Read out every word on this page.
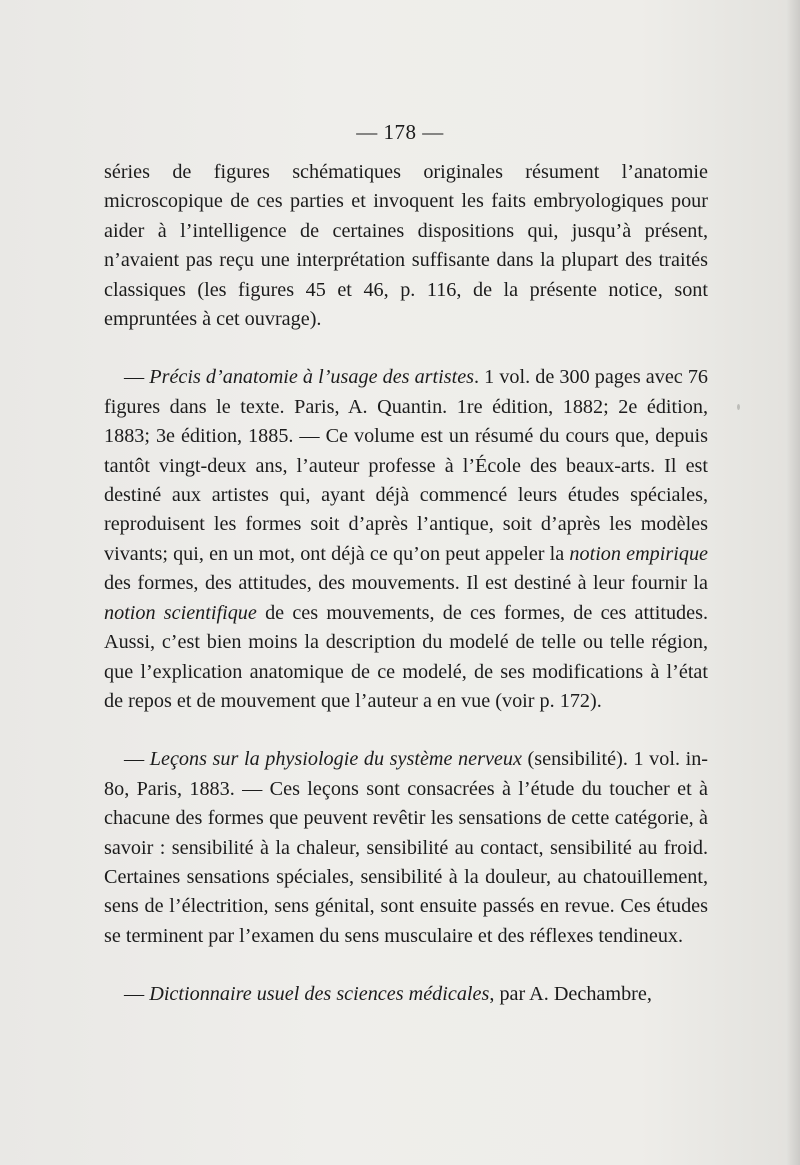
— 178 —

séries de figures schématiques originales résument l’anatomie microscopique de ces parties et invoquent les faits embryologiques pour aider à l’intelligence de certaines dispositions qui, jusqu’à présent, n’avaient pas reçu une interprétation suffisante dans la plupart des traités classiques (les figures 45 et 46, p. 116, de la présente notice, sont empruntées à cet ouvrage).

— Précis d’anatomie à l’usage des artistes. 1 vol. de 300 pages avec 76 figures dans le texte. Paris, A. Quantin. 1re édition, 1882; 2e édition, 1883; 3e édition, 1885. — Ce volume est un résumé du cours que, depuis tantôt vingt-deux ans, l’auteur professe à l’École des beaux-arts. Il est destiné aux artistes qui, ayant déjà commencé leurs études spéciales, reproduisent les formes soit d’après l’antique, soit d’après les modèles vivants; qui, en un mot, ont déjà ce qu’on peut appeler la notion empirique des formes, des attitudes, des mouvements. Il est destiné à leur fournir la notion scientifique de ces mouvements, de ces formes, de ces attitudes. Aussi, c’est bien moins la description du modelé de telle ou telle région, que l’explication anatomique de ce modelé, de ses modifications à l’état de repos et de mouvement que l’auteur a en vue (voir p. 172).

— Leçons sur la physiologie du système nerveux (sensibilité). 1 vol. in-8o, Paris, 1883. — Ces leçons sont consacrées à l’étude du toucher et à chacune des formes que peuvent revêtir les sensations de cette catégorie, à savoir : sensibilité à la chaleur, sensibilité au contact, sensibilité au froid. Certaines sensations spéciales, sensibilité à la douleur, au chatouillement, sens de l’électrition, sens génital, sont ensuite passés en revue. Ces études se terminent par l’examen du sens musculaire et des réflexes tendineux.

— Dictionnaire usuel des sciences médicales, par A. Dechambre,
